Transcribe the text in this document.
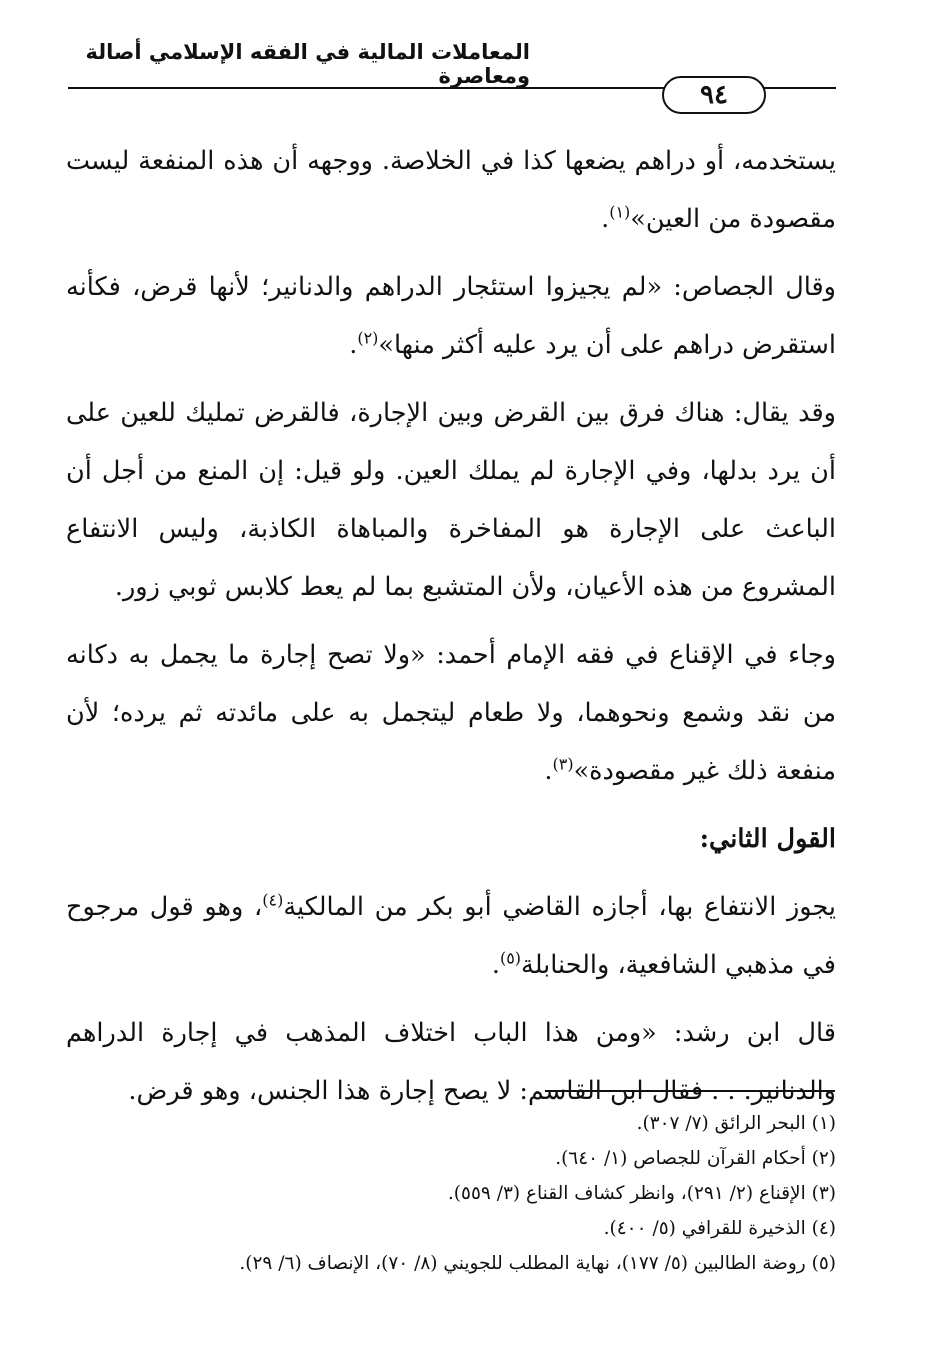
المعاملات المالية في الفقه الإسلامي أصالة ومعاصرة
٩٤

يستخدمه، أو دراهم يضعها كذا في الخلاصة. ووجهه أن هذه المنفعة ليست مقصودة من العين»$^{(١)}$.

وقال الجصاص: «لم يجيزوا استئجار الدراهم والدنانير؛ لأنها قرض، فكأنه استقرض دراهم على أن يرد عليه أكثر منها»$^{(٢)}$.

وقد يقال: هناك فرق بين القرض وبين الإجارة، فالقرض تمليك للعين على أن يرد بدلها، وفي الإجارة لم يملك العين. ولو قيل: إن المنع من أجل أن الباعث على الإجارة هو المفاخرة والمباهاة الكاذبة، وليس الانتفاع المشروع من هذه الأعيان، ولأن المتشبع بما لم يعط كلابس ثوبي زور.

وجاء في الإقناع في فقه الإمام أحمد: «ولا تصح إجارة ما يجمل به دكانه من نقد وشمع ونحوهما، ولا طعام ليتجمل به على مائدته ثم يرده؛ لأن منفعة ذلك غير مقصودة»$^{(٣)}$.

القول الثاني:

يجوز الانتفاع بها، أجازه القاضي أبو بكر من المالكية$^{(٤)}$، وهو قول مرجوح في مذهبي الشافعية، والحنابلة$^{(٥)}$.

قال ابن رشد: «ومن هذا الباب اختلاف المذهب في إجارة الدراهم والدنانير. . . فقال ابن القاسم: لا يصح إجارة هذا الجنس، وهو قرض.

(١) البحر الرائق (٧/ ٣٠٧).
(٢) أحكام القرآن للجصاص (١/ ٦٤٠).
(٣) الإقناع (٢/ ٢٩١)، وانظر كشاف القناع (٣/ ٥٥٩).
(٤) الذخيرة للقرافي (٥/ ٤٠٠).
(٥) روضة الطالبين (٥/ ١٧٧)، نهاية المطلب للجويني (٨/ ٧٠)، الإنصاف (٦/ ٢٩).
